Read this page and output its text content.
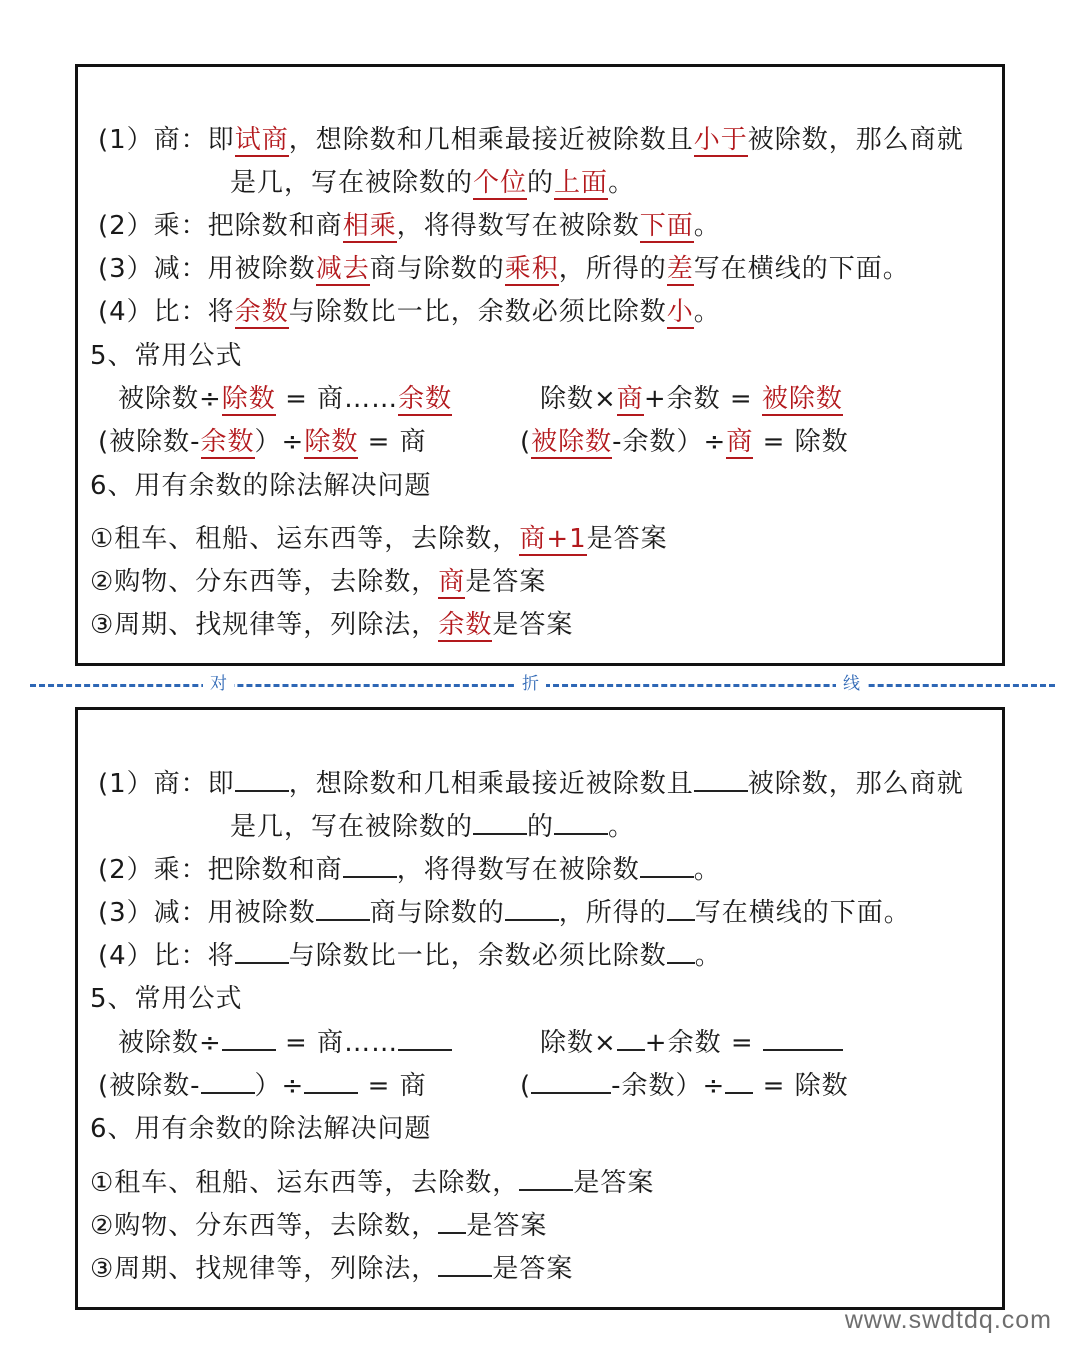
(1）商：即试商，想除数和几相乘最接近被除数且小于被除数，那么商就
是几，写在被除数的个位的上面。
(2）乘：把除数和商相乘，将得数写在被除数下面。
(3）减：用被除数减去商与除数的乘积，所得的差写在横线的下面。
(4）比：将余数与除数比一比，余数必须比除数小。
5、常用公式
被除数÷除数 = 商……余数	除数×商+余数 = 被除数
(被除数-余数）÷除数 = 商	(被除数-余数）÷商 = 除数
6、用有余数的除法解决问题
①租车、租船、运东西等，去除数，商+1是答案
②购物、分东西等，去除数，商是答案
③周期、找规律等，列除法，余数是答案
对	折	线
(1）商：即 ，想除数和几相乘最接近被除数且 被除数，那么商就
是几，写在被除数的 的 。
(2）乘：把除数和商 ，将得数写在被除数 。
(3）减：用被除数 商与除数的 ，所得的 写在横线的下面。
(4）比：将 与除数比一比，余数必须比除数 。
5、常用公式
被除数÷ = 商……	除数× +余数 =
(被除数- ）÷ = 商	(	-余数）÷ = 除数
6、用有余数的除法解决问题
①租车、租船、运东西等，去除数， 是答案
②购物、分东西等，去除数， 是答案
③周期、找规律等，列除法， 是答案
www.swdtdq.com
